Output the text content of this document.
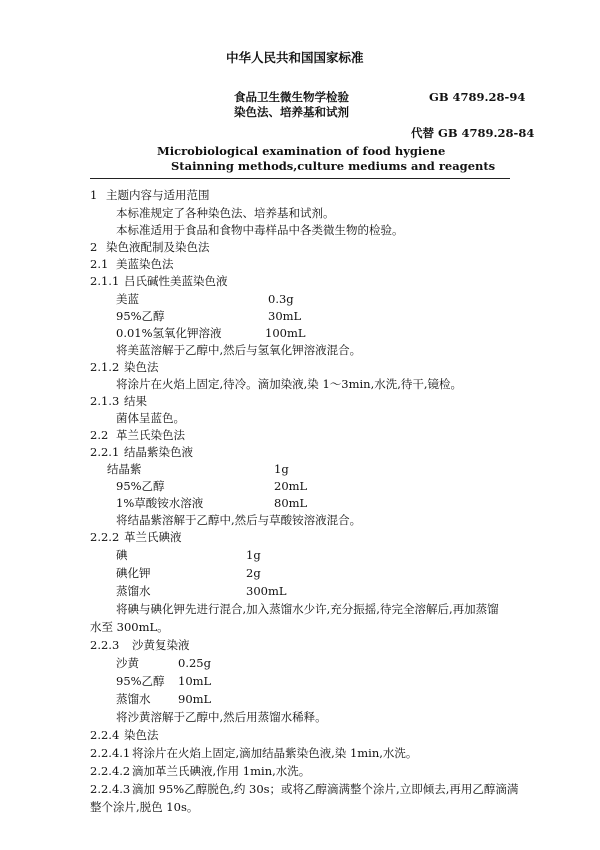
中华人民共和国国家标准
食品卫生微生物学检验	GB 4789.28-94
染色法、培养基和试剂
代替 GB 4789.28-84
Microbiological examination of food hygiene
Stainning methods,culture mediums and reagents
1 主题内容与适用范围
本标准规定了各种染色法、培养基和试剂。
本标准适用于食品和食物中毒样品中各类微生物的检验。
2 染色液配制及染色法
2.1 美蓝染色法
2.1.1 吕氏碱性美蓝染色液
美蓝	0.3g
95%乙醇	30mL
0.01%氢氧化钾溶液	100mL
将美蓝溶解于乙醇中,然后与氢氧化钾溶液混合。
2.1.2 染色法
将涂片在火焰上固定,待冷。滴加染液,染 1～3min,水洗,待干,镜检。
2.1.3 结果
菌体呈蓝色。
2.2 革兰氏染色法
2.2.1 结晶紫染色液
结晶紫	1g
95%乙醇	20mL
1%草酸铵水溶液	80mL
将结晶紫溶解于乙醇中,然后与草酸铵溶液混合。
2.2.2 革兰氏碘液
碘	1g
碘化钾	2g
蒸馏水	300mL
将碘与碘化钾先进行混合,加入蒸馏水少许,充分振摇,待完全溶解后,再加蒸馏
水至 300mL。
2.2.3 沙黄复染液
沙黄	0.25g
95%乙醇 10mL
蒸馏水 90mL
将沙黄溶解于乙醇中,然后用蒸馏水稀释。
2.2.4 染色法
2.2.4.1 将涂片在火焰上固定,滴加结晶紫染色液,染 1min,水洗。
2.2.4.2 滴加革兰氏碘液,作用 1min,水洗。
2.2.4.3 滴加 95%乙醇脱色,约 30s；或将乙醇滴满整个涂片,立即倾去,再用乙醇滴满
整个涂片,脱色 10s。
